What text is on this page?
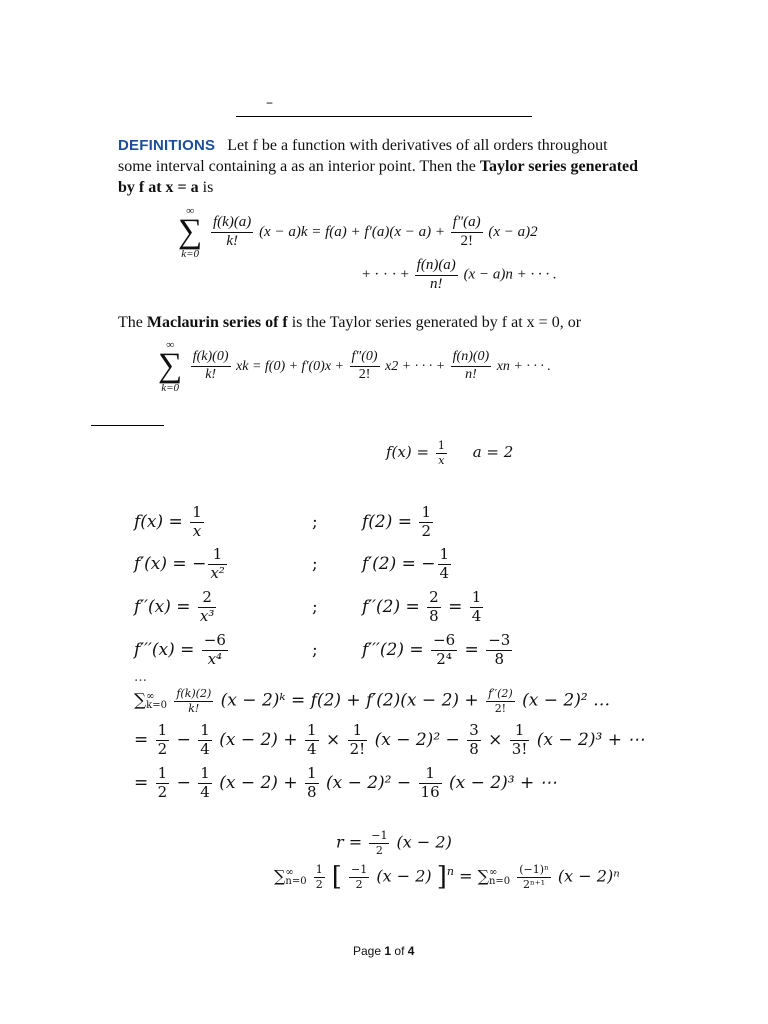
–
DEFINITIONS Let f be a function with derivatives of all orders throughout
some interval containing a as an interior point. Then the Taylor series generated
by f at x = a is
∞
∑
k=0

$\frac{f(k)(a)}{k!} (x - a)k = f(a) + f'(a)(x - a) + \frac{f''(a)}{2!} (x - a)2$
+ · · · + $\frac{f(n)(a)}{n!} (x - a)n$ + · · · .
The Maclaurin series of f is the Taylor series generated by f at x = 0, or
∞
∑
k=0

$\frac{f(k)(0)}{k!}$ xk = $f(0) + f'(0)x + \frac{f''(0)}{2!} x2$ + · · · + $\frac{f(n)(0)}{n!}$ xn + · · · .
$f(x) = \frac{1}{x}$ a = 2
$f(x) = \frac{1}{x}$	;	$f(2) = \frac{1}{2}$
f′(x) = − $\frac{1}{\text{x²}}$	;	f′(2) = − $\frac{1}{4}$
$f''(x) = \frac{2}{\text{x³}}$	;	$f''(2) = \frac{2}{8} = \frac{1}{4}$
$f'''(x) = \frac{-6}{\text{x⁴}}$	;	$f'''(2) = \frac{-6}{\text{2⁴}} = \frac{-3}{8}$
…
∑ ∞
k=0
$\frac{f(k)(2)}{k!} (x$ − 2)ᵏ = $f(2) + f'(2)(x - 2) + \frac{f''(2)}{2!} (x - 2)^2$ …
= $\frac{1}{2} - \frac{1}{4} (x - 2) + \frac{1}{4} \times \frac{1}{2!} (x - 2)^2 - \frac{3}{8} \times \frac{1}{3!} (x - 2)^3$ + ⋯
= $\frac{1}{2} - \frac{1}{4} (x - 2) + \frac{1}{8} (x - 2)^2 - \frac{1}{16} (x - 2)^3$ + ⋯
$r = \frac{-1}{2} (x - 2)$
∑ ∞
n=0
$\frac{1}{2}$ [ $\frac{-1}{2} (x - 2) ]^n$ = ∑ ∞
n=0
$\frac{\text{(−1)ⁿ}}{\text{2ⁿ⁺¹}} (x - 2)^n$
Page 1 of 4
